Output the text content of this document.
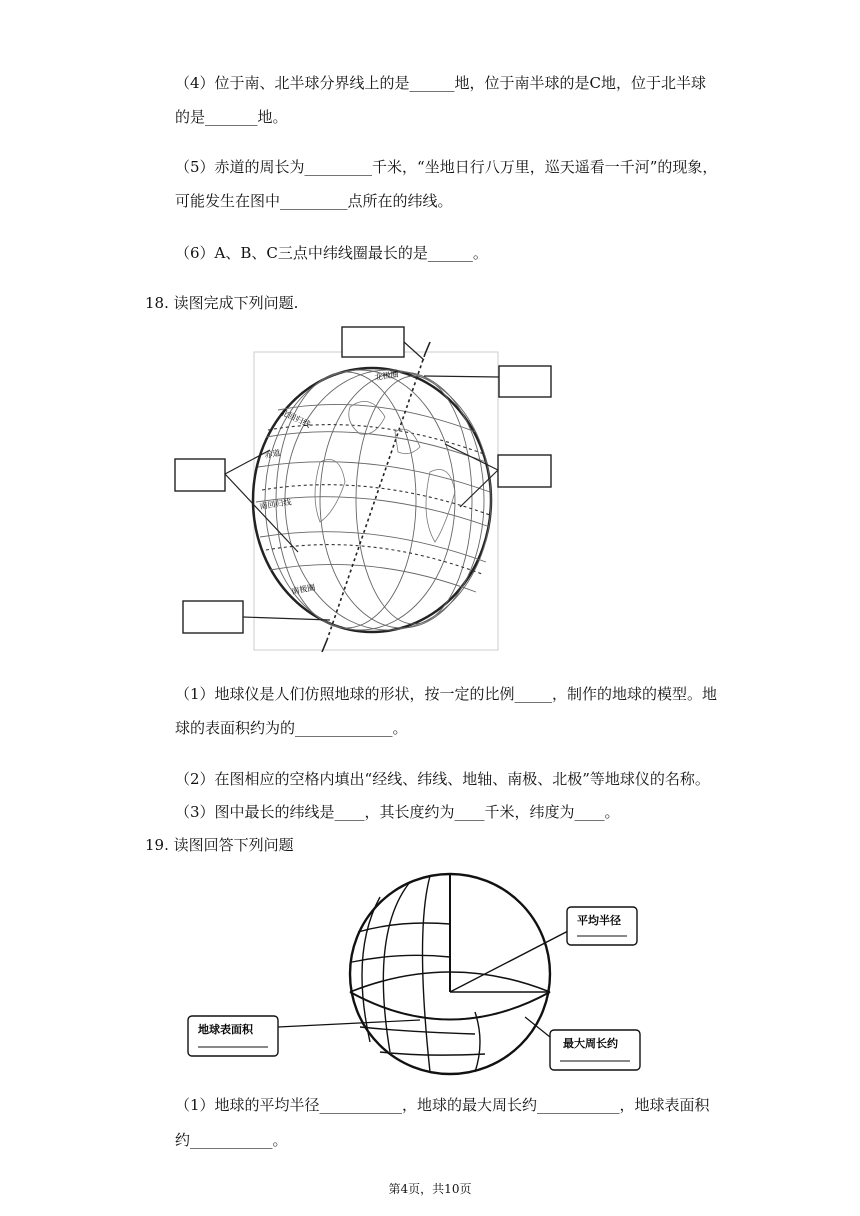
（4）位于南、北半球分界线上的是______地，位于南半球的是C地，位于北半球
的是_______地。
（5）赤道的周长为_________千米，“坐地日行八万里，巡天遥看一千河”的现象，
可能发生在图中_________点所在的纬线。
（6）A、B、C三点中纬线圈最长的是______。
18. 读图完成下列问题.
北极圈
北回归线
赤道
南回归线
南极圈
（1）地球仪是人们仿照地球的形状，按一定的比例_____，制作的地球的模型。地
球的表面积约为的_____________。
（2）在图相应的空格内填出“经线、纬线、地轴、南极、北极”等地球仪的名称。
（3）图中最长的纬线是____，其长度约为____千米，纬度为____。
19. 读图回答下列问题
平均半径
地球表面积
最大周长约
（1）地球的平均半径___________，地球的最大周长约___________，地球表面积
约___________。
第4页，共10页
